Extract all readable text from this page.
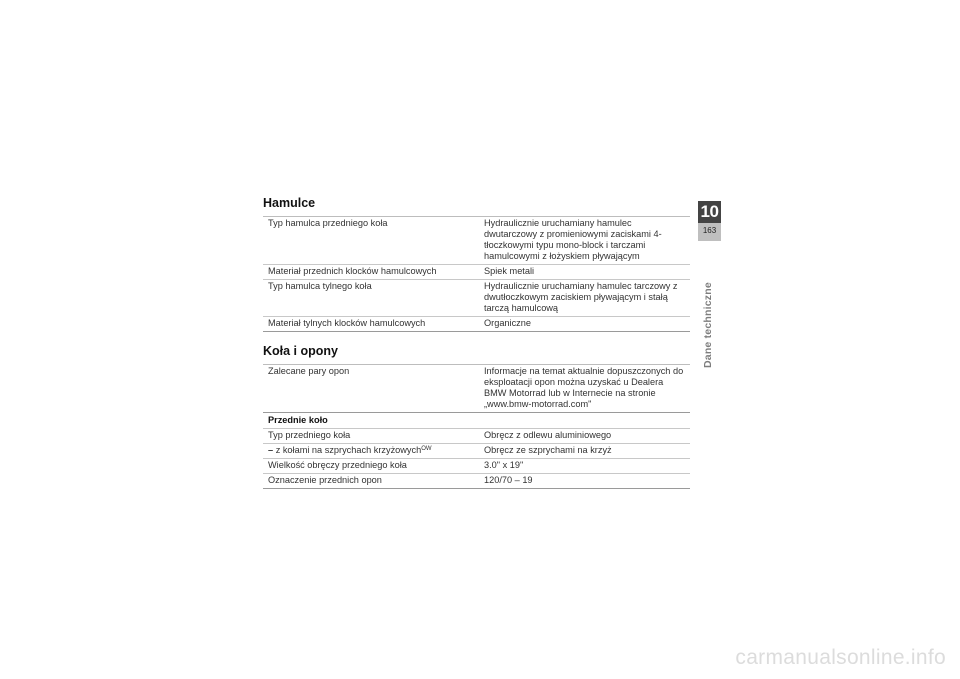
Hamulce
Typ hamulca przedniego koła	Hydraulicznie uruchamiany hamulec dwutarczowy z promieniowymi zaciskami 4-tłoczkowymi typu mono-block i tarczami hamulcowymi z łożyskiem pływającym
Materiał przednich klocków hamulcowych	Spiek metali
Typ hamulca tylnego koła	Hydraulicznie uruchamiany hamulec tarczowy z dwutłoczkowym zaciskiem pływającym i stałą tarczą hamulcową
Materiał tylnych klocków hamulcowych	Organiczne
Koła i opony
Zalecane pary opon	Informacje na temat aktualnie dopuszczonych do eksploatacji opon można uzyskać u Dealera BMW Motorrad lub w Internecie na stronie „www.bmw-motorrad.com"
Przednie koło	
Typ przedniego koła	Obręcz z odlewu aluminiowego
– z kołami na szprychach krzyżowych$^{OW}$	Obręcz ze szprychami na krzyż
Wielkość obręczy przedniego koła	3.0" x 19"
Oznaczenie przednich opon	120/70 – 19
10
163
Dane techniczne
carmanualsonline.info
